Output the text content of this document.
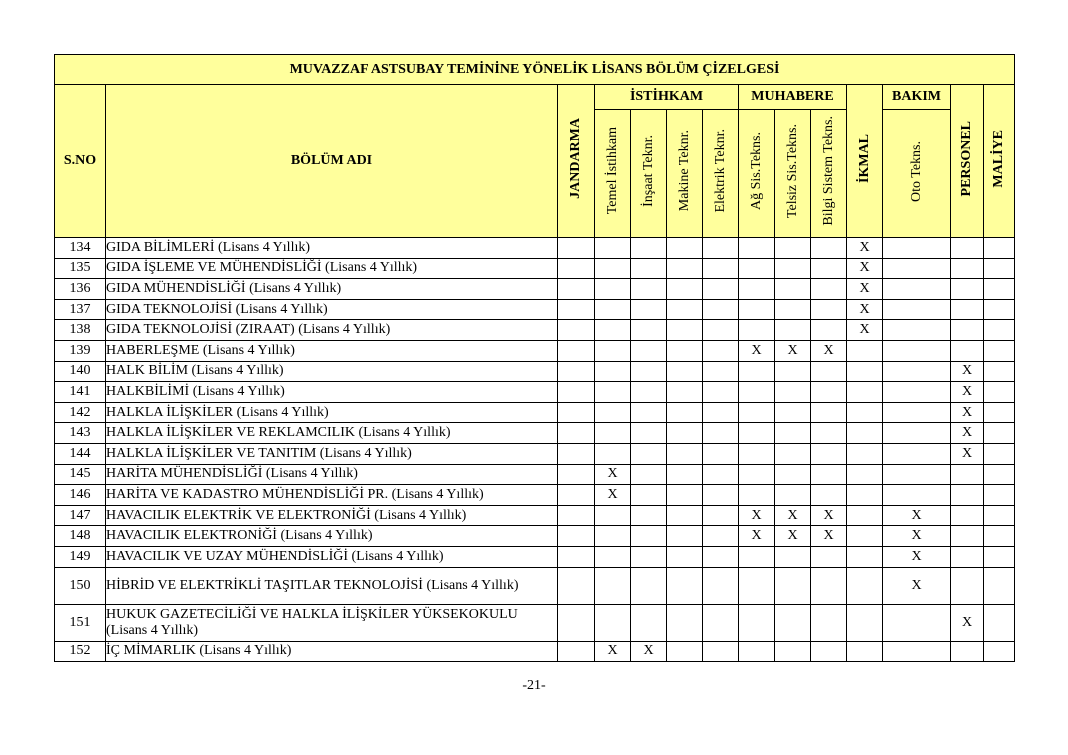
MUVAZZAF ASTSUBAY TEMİNİNE YÖNELİK LİSANS BÖLÜM ÇİZELGESİ													
S.NO	BÖLÜM ADI	JANDARMA	İSTİHKAM				MUHABERE			İKMAL	BAKIM	PERSONEL	MALİYE
			Temel İstihkam	İnşaat Teknr.	Makine Teknr.	Elektrik Teknr.	Ağ Sis.Tekns.	Telsiz Sis.Tekns.	Bilgi Sistem Tekns.		Oto Tekns.		
134	GIDA BİLİMLERİ (Lisans 4 Yıllık)									X			
135	GIDA İŞLEME VE MÜHENDİSLİĞİ (Lisans 4 Yıllık)									X			
136	GIDA MÜHENDİSLİĞİ (Lisans 4 Yıllık)									X			
137	GIDA TEKNOLOJİSİ (Lisans 4 Yıllık)									X			
138	GIDA TEKNOLOJİSİ (ZIRAAT) (Lisans 4 Yıllık)									X			
139	HABERLEŞME (Lisans 4 Yıllık)						X	X	X				
140	HALK BİLİM (Lisans 4 Yıllık)											X	
141	HALKBİLİMİ (Lisans 4 Yıllık)											X	
142	HALKLA İLİŞKİLER (Lisans 4 Yıllık)											X	
143	HALKLA İLİŞKİLER VE REKLAMCILIK (Lisans 4 Yıllık)											X	
144	HALKLA İLİŞKİLER VE TANITIM (Lisans 4 Yıllık)											X	
145	HARİTA MÜHENDİSLİĞİ (Lisans 4 Yıllık)		X										
146	HARİTA VE KADASTRO MÜHENDİSLİĞİ PR. (Lisans 4 Yıllık)		X										
147	HAVACILIK ELEKTRİK VE ELEKTRONİĞİ (Lisans 4 Yıllık)						X	X	X		X		
148	HAVACILIK ELEKTRONİĞİ (Lisans 4 Yıllık)						X	X	X		X		
149	HAVACILIK VE UZAY MÜHENDİSLİĞİ (Lisans 4 Yıllık)										X		
150	HİBRİD VE ELEKTRİKLİ TAŞITLAR TEKNOLOJİSİ (Lisans 4 Yıllık)										X		
151	HUKUK GAZETECİLİĞİ VE HALKLA İLİŞKİLER YÜKSEKOKULU (Lisans 4 Yıllık)											X	
152	İÇ MİMARLIK (Lisans 4 Yıllık)		X	X									
-21-
